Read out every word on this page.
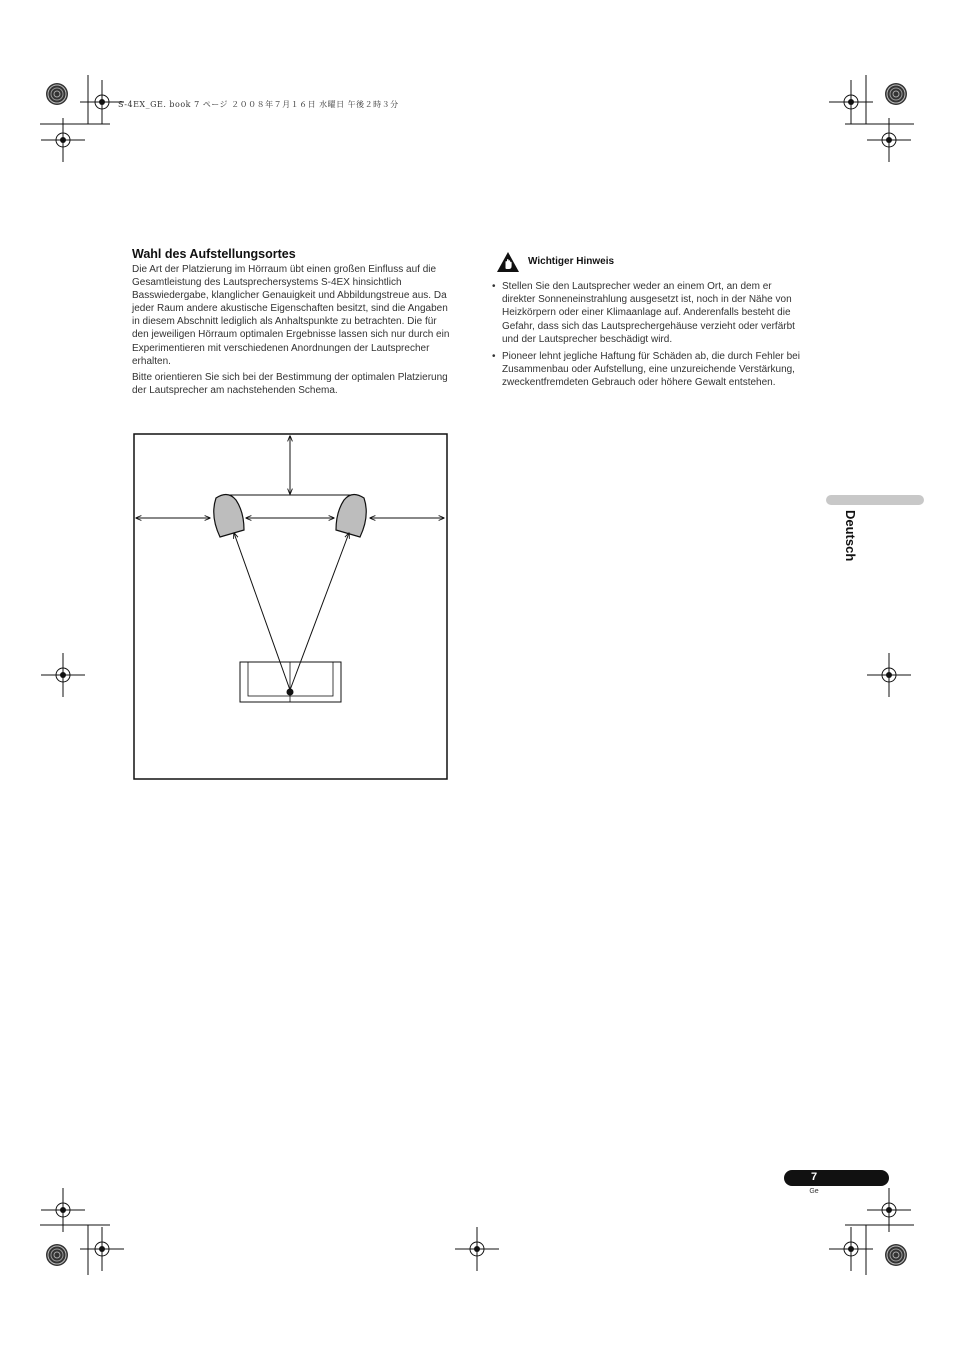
S-4EX_GE. book 7 ページ ２００８年７月１６日 水曜日 午後２時３分
Wahl des Aufstellungsortes
Die Art der Platzierung im Hörraum übt einen großen Einfluss auf die Gesamtleistung des Lautsprechersystems S-4EX hinsichtlich Basswiedergabe, klanglicher Genauigkeit und Abbildungstreue aus. Da jeder Raum andere akustische Eigenschaften besitzt, sind die Angaben in diesem Abschnitt lediglich als Anhaltspunkte zu betrachten. Die für den jeweiligen Hörraum optimalen Ergebnisse lassen sich nur durch ein Experimentieren mit verschiedenen Anordnungen der Lautsprecher erhalten.
Bitte orientieren Sie sich bei der Bestimmung der optimalen Platzierung der Lautsprecher am nachstehenden Schema.
Wichtiger Hinweis
• Stellen Sie den Lautsprecher weder an einem Ort, an dem er direkter Sonneneinstrahlung ausgesetzt ist, noch in der Nähe von Heizkörpern oder einer Klimaanlage auf. Anderenfalls besteht die Gefahr, dass sich das Lautsprechergehäuse verzieht oder verfärbt und der Lautsprecher beschädigt wird.
• Pioneer lehnt jegliche Haftung für Schäden ab, die durch Fehler bei Zusammenbau oder Aufstellung, eine unzureichende Verstärkung, zweckentfremdeten Gebrauch oder höhere Gewalt entstehen.
Deutsch
7
Ge
